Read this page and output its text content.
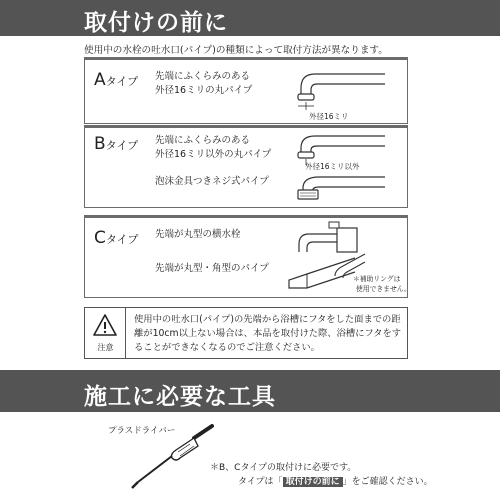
取付けの前に
使用中の水栓の吐水口(パイプ)の種類によって取付方法が異なります。
Aタイプ 先端にふくらみのある
外径16ミリの丸パイプ
外径16ミリ
Bタイプ 先端にふくらみのある
外径16ミリ以外の丸パイプ
泡沫金具つきネジ式パイプ
外径16ミリ以外
Cタイプ 先端が丸型の横水栓
先端が丸型・角型のパイプ
＊補助リングは
使用できません。
注意
使用中の吐水口(パイプ)の先端から浴槽にフタをした面までの距離が10cm以上ない場合は、本品を取付けた際、浴槽にフタをすることができなくなるのでご注意ください。
施工に必要な工具
プラスドライバー
＊B、Cタイプの取付けに必要です。
タイプは「 取付けの前に 」をご確認ください。
